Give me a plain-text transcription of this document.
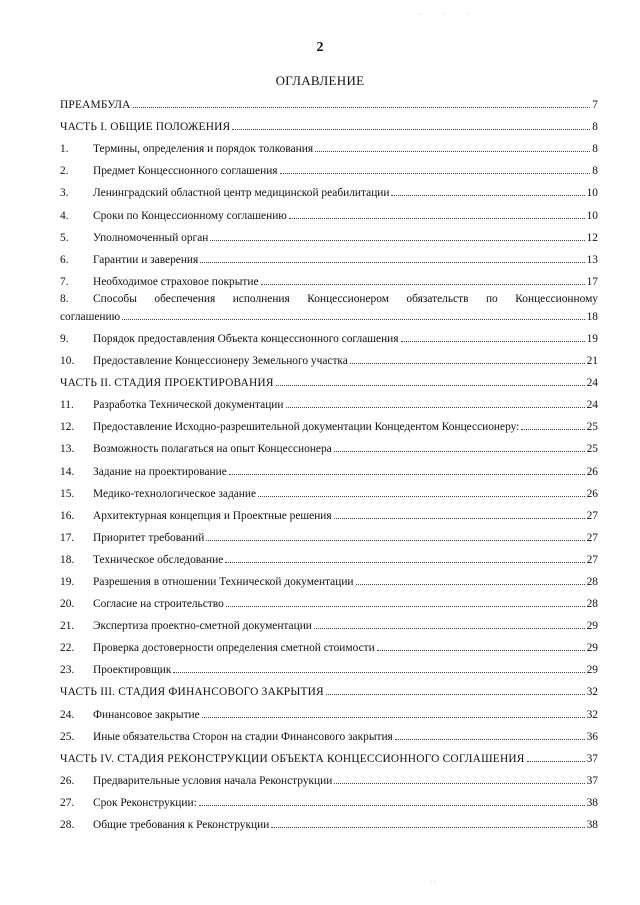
· · ·
2
ОГЛАВЛЕНИЕ
ПРЕАМБУЛА	7
ЧАСТЬ I. ОБЩИЕ ПОЛОЖЕНИЯ	8
1.	Термины, определения и порядок толкования	8
2.	Предмет Концессионного соглашения	8
3.	Ленинградский областной центр медицинской реабилитации	10
4.	Сроки по Концессионному соглашению	10
5.	Уполномоченный орган	12
6.	Гарантии и заверения	13
7.	Необходимое страховое покрытие	17
8.	Способы обеспечения исполнения Концессионером обязательств по Концессионному
соглашению	18
9.	Порядок предоставления Объекта концессионного соглашения	19
10.	Предоставление Концессионеру Земельного участка	21
ЧАСТЬ II. СТАДИЯ ПРОЕКТИРОВАНИЯ	24
11.	Разработка Технической документации	24
12.	Предоставление Исходно-разрешительной документации Концедентом Концессионеру:	25
13.	Возможность полагаться на опыт Концессионера	25
14.	Задание на проектирование	26
15.	Медико-технологическое задание	26
16.	Архитектурная концепция и Проектные решения	27
17.	Приоритет требований	27
18.	Техническое обследование	27
19.	Разрешения в отношении Технической документации	28
20.	Согласие на строительство	28
21.	Экспертиза проектно-сметной документации	29
22.	Проверка достоверности определения сметной стоимости	29
23.	Проектировщик	29
ЧАСТЬ III. СТАДИЯ ФИНАНСОВОГО ЗАКРЫТИЯ	32
24.	Финансовое закрытие	32
25.	Иные обязательства Сторон на стадии Финансового закрытия	36
ЧАСТЬ IV. СТАДИЯ РЕКОНСТРУКЦИИ ОБЪЕКТА КОНЦЕССИОННОГО СОГЛАШЕНИЯ	37
26.	Предварительные условия начала Реконструкции	37
27.	Срок Реконструкции:	38
28.	Общие требования к Реконструкции	38
: :
